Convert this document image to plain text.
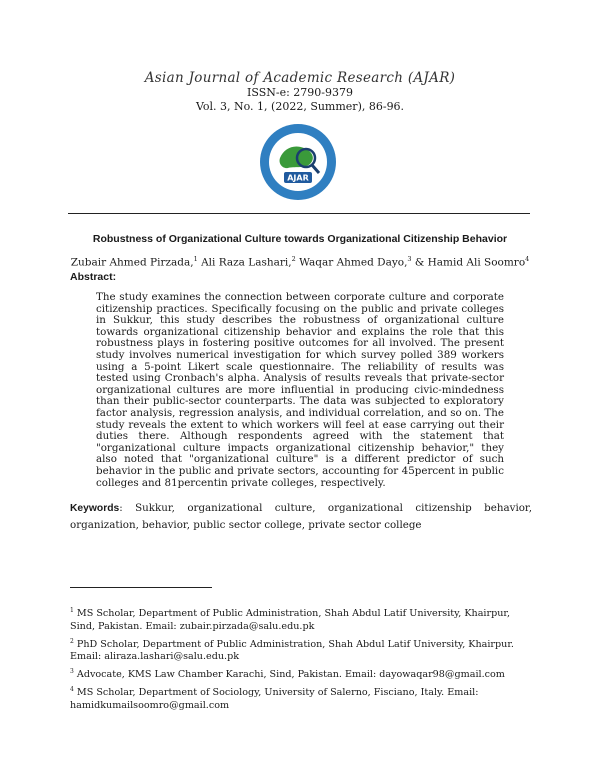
Asian Journal of Academic Research (AJAR)
ISSN-e: 2790-9379
Vol. 3, No. 1, (2022, Summer), 86-96.
AJAR
Robustness of Organizational Culture towards Organizational Citizenship Behavior
Zubair Ahmed Pirzada,$^1$ Ali Raza Lashari,$^2$ Waqar Ahmed Dayo,$^3$ & Hamid Ali Soomro$^4$
Abstract:
The study examines the connection between corporate culture and corporate citizenship practices. Specifically focusing on the public and private colleges in Sukkur, this study describes the robustness of organizational culture towards organizational citizenship behavior and explains the role that this robustness plays in fostering positive outcomes for all involved. The present study involves numerical investigation for which survey polled 389 workers using a 5-point Likert scale questionnaire. The reliability of results was tested using Cronbach's alpha. Analysis of results reveals that private-sector organizational cultures are more influential in producing civic-mindedness than their public-sector counterparts. The data was subjected to exploratory factor analysis, regression analysis, and individual correlation, and so on. The study reveals the extent to which workers will feel at ease carrying out their duties there. Although respondents agreed with the statement that "organizational culture impacts organizational citizenship behavior," they also noted that "organizational culture" is a different predictor of such behavior in the public and private sectors, accounting for 45percent in public colleges and 81percentin private colleges, respectively.
Keywords: Sukkur, organizational culture, organizational citizenship behavior, organization, behavior, public sector college, private sector college
$^1$ MS Scholar, Department of Public Administration, Shah Abdul Latif University, Khairpur, Sind, Pakistan. Email: zubair.pirzada@salu.edu.pk
$^2$ PhD Scholar, Department of Public Administration, Shah Abdul Latif University, Khairpur. Email: aliraza.lashari@salu.edu.pk
$^3$ Advocate, KMS Law Chamber Karachi, Sind, Pakistan. Email: dayowaqar98@gmail.com
$^4$ MS Scholar, Department of Sociology, University of Salerno, Fisciano, Italy. Email: hamidkumailsoomro@gmail.com
